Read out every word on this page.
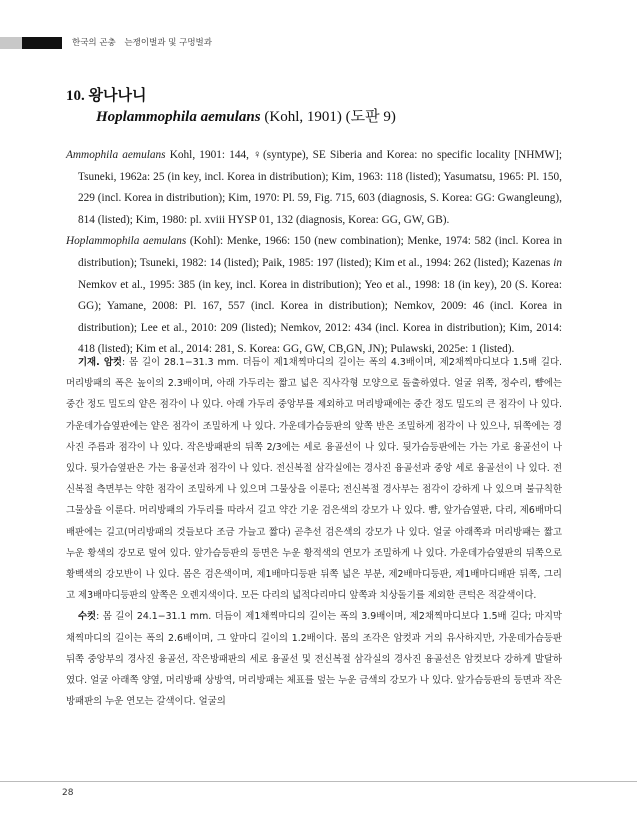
한국의 곤충 는쟁이벌과 및 구멍벌과
10. 왕나나니
Hoplammophila aemulans (Kohl, 1901) (도판 9)
Ammophila aemulans Kohl, 1901: 144, ♀(syntype), SE Siberia and Korea: no specific locality [NHMW]; Tsuneki, 1962a: 25 (in key, incl. Korea in distribution); Kim, 1963: 118 (listed); Yasumatsu, 1965: Pl. 150, 229 (incl. Korea in distribution); Kim, 1970: Pl. 59, Fig. 715, 603 (diagnosis, S. Korea: GG: Gwangleung), 814 (listed); Kim, 1980: pl. xviii HYSP 01, 132 (diagnosis, Korea: GG, GW, GB).
Hoplammophila aemulans (Kohl): Menke, 1966: 150 (new combination); Menke, 1974: 582 (incl. Korea in distribution); Tsuneki, 1982: 14 (listed); Paik, 1985: 197 (listed); Kim et al., 1994: 262 (listed); Kazenas in Nemkov et al., 1995: 385 (in key, incl. Korea in distribution); Yeo et al., 1998: 18 (in key), 20 (S. Korea: GG); Yamane, 2008: Pl. 167, 557 (incl. Korea in distribution); Nemkov, 2009: 46 (incl. Korea in distribution); Lee et al., 2010: 209 (listed); Nemkov, 2012: 434 (incl. Korea in distribution); Kim, 2014: 418 (listed); Kim et al., 2014: 281, S. Korea: GG, GW, CB,GN, JN); Pulawski, 2025e: 1 (listed).

기재. 암컷: 몸 길이 28.1−31.3 mm. 더듬이 제1채찍마디의 길이는 폭의 4.3배이며, 제2채찍마디보다 1.5배 길다. 머리방패의 폭은 높이의 2.3배이며, 아래 가두리는 짧고 넓은 직사각형 모양으로 돌출하였다. 얼굴 위쪽, 정수리, 뺨에는 중간 정도 밀도의 얕은 점각이 나 있다. 아래 가두리 중앙부를 제외하고 머리방패에는 중간 정도 밀도의 큰 점각이 나 있다. 가운데가슴옆판에는 얕은 점각이 조밀하게 나 있다. 가운데가슴등판의 앞쪽 반은 조밀하게 점각이 나 있으나, 뒤쪽에는 경사진 주름과 점각이 나 있다. 작은방패판의 뒤쪽 2/3에는 세로 융골선이 나 있다. 뒷가슴등판에는 가는 가로 융골선이 나 있다. 뒷가슴옆판은 가는 융골선과 점각이 나 있다. 전신복절 삼각실에는 경사진 융골선과 중앙 세로 융골선이 나 있다. 전신복절 측면부는 약한 점각이 조밀하게 나 있으며 그물상을 이룬다; 전신복절 경사부는 점각이 강하게 나 있으며 불규칙한 그물상을 이룬다. 머리방패의 가두리를 따라서 길고 약간 기운 검은색의 강모가 나 있다. 뺨, 앞가슴옆판, 다리, 제6배마디배판에는 길고(머리방패의 것들보다 조금 가늘고 짧다) 곧추선 검은색의 강모가 나 있다. 얼굴 아래쪽과 머리방패는 짧고 누운 황색의 강모로 덮여 있다. 앞가슴등판의 등면은 누운 황적색의 연모가 조밀하게 나 있다. 가운데가슴옆판의 뒤쪽으로 황백색의 강모반이 나 있다. 몸은 검은색이며, 제1배마디등판 뒤쪽 넓은 부분, 제2배마디등판, 제1배마디배판 뒤쪽, 그리고 제3배마디등판의 앞쪽은 오렌지색이다. 모든 다리의 넓적다리마디 앞쪽과 치상돌기를 제외한 큰턱은 적갈색이다.

수컷: 몸 길이 24.1−31.1 mm. 더듬이 제1채찍마디의 길이는 폭의 3.9배이며, 제2채찍마디보다 1.5배 길다; 마지막 채찍마디의 길이는 폭의 2.6배이며, 그 앞마디 길이의 1.2배이다. 몸의 조각은 암컷과 거의 유사하지만, 가운데가슴등판 뒤쪽 중앙부의 경사진 융골선, 작은방패판의 세로 융골선 및 전신복절 삼각실의 경사진 융골선은 암컷보다 강하게 발달하였다. 얼굴 아래쪽 양옆, 머리방패 상방역, 머리방패는 체표를 덮는 누운 금색의 강모가 나 있다. 앞가슴등판의 등면과 작은방패판의 누운 연모는 갈색이다. 얼굴의

28
